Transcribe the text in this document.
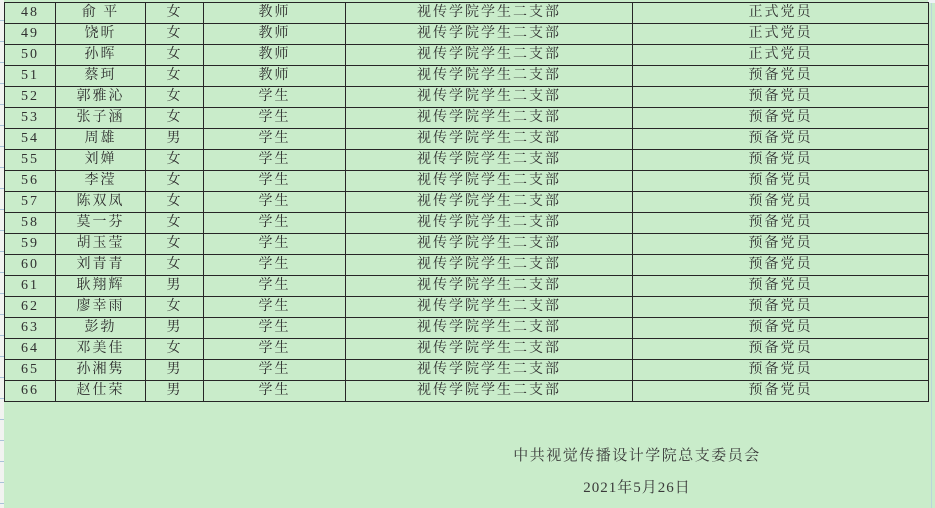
48	俞 平	女	教师	视传学院学生二支部	正式党员
49	饶昕	女	教师	视传学院学生二支部	正式党员
50	孙晖	女	教师	视传学院学生二支部	正式党员
51	蔡珂	女	教师	视传学院学生二支部	预备党员
52	郭雅沁	女	学生	视传学院学生二支部	预备党员
53	张子涵	女	学生	视传学院学生二支部	预备党员
54	周雄	男	学生	视传学院学生二支部	预备党员
55	刘婵	女	学生	视传学院学生二支部	预备党员
56	李滢	女	学生	视传学院学生二支部	预备党员
57	陈双凤	女	学生	视传学院学生二支部	预备党员
58	莫一芬	女	学生	视传学院学生二支部	预备党员
59	胡玉莹	女	学生	视传学院学生二支部	预备党员
60	刘青青	女	学生	视传学院学生二支部	预备党员
61	耿翔辉	男	学生	视传学院学生二支部	预备党员
62	廖幸雨	女	学生	视传学院学生二支部	预备党员
63	彭勃	男	学生	视传学院学生二支部	预备党员
64	邓美佳	女	学生	视传学院学生二支部	预备党员
65	孙湘隽	男	学生	视传学院学生二支部	预备党员
66	赵仕荣	男	学生	视传学院学生二支部	预备党员
中共视觉传播设计学院总支委员会
2021年5月26日
